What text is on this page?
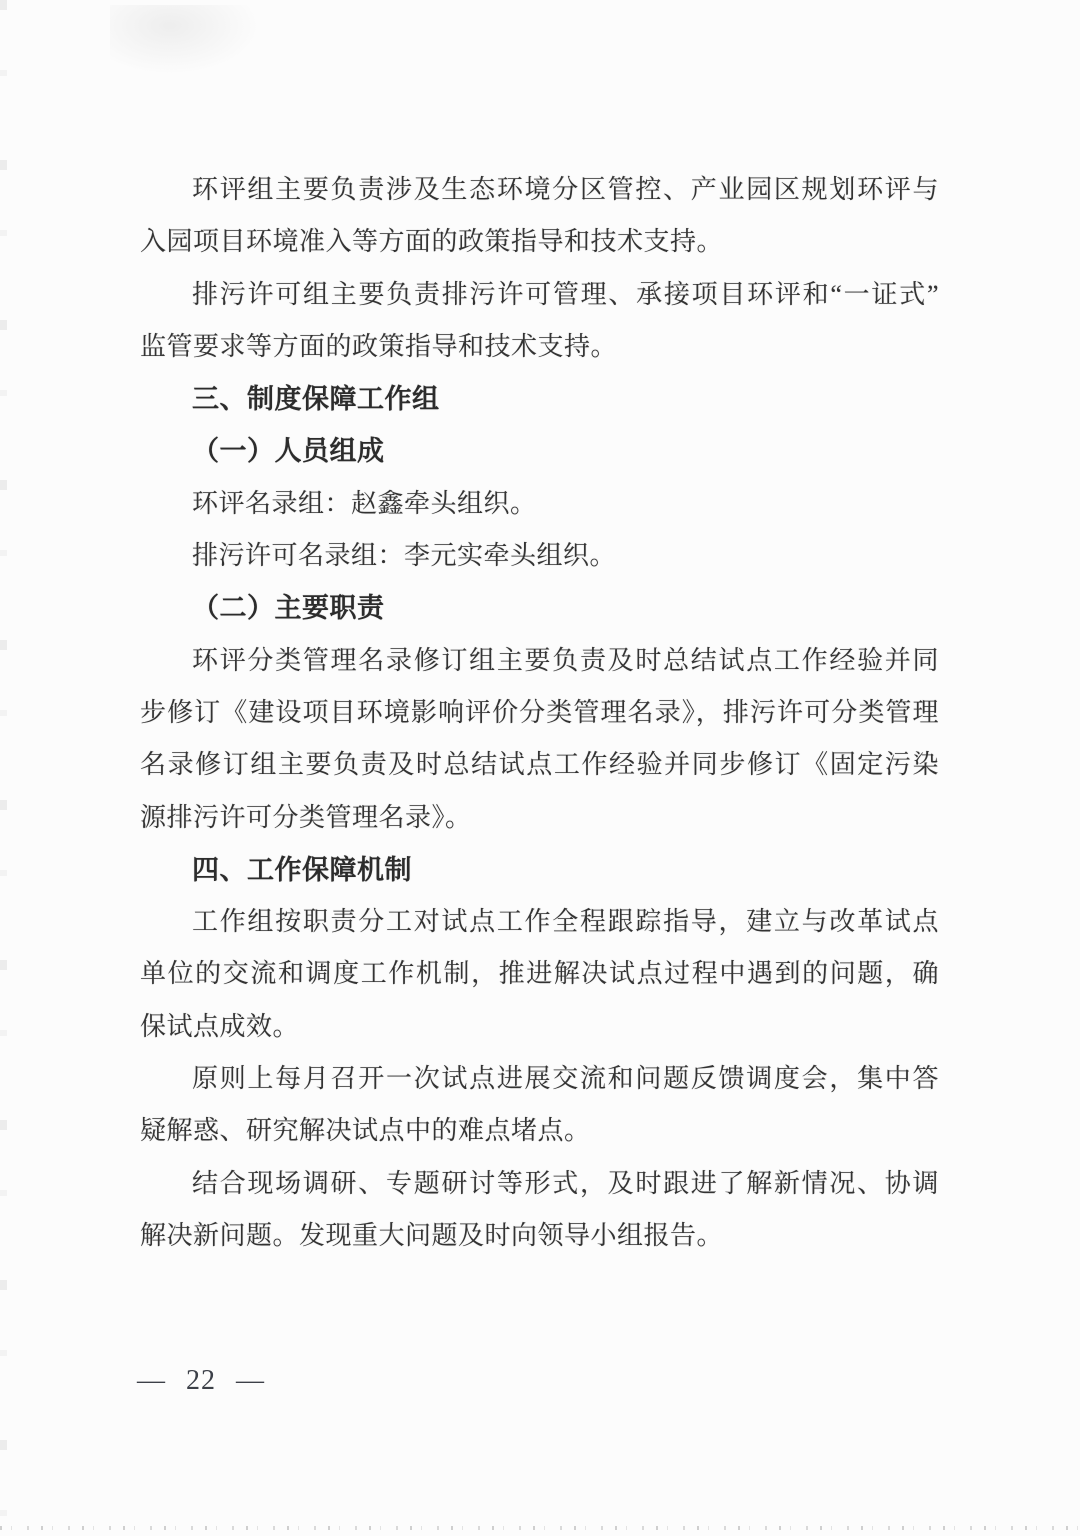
环评组主要负责涉及生态环境分区管控、产业园区规划环评与
入园项目环境准入等方面的政策指导和技术支持。
排污许可组主要负责排污许可管理、承接项目环评和“一证式”
监管要求等方面的政策指导和技术支持。
三、制度保障工作组
（一）人员组成
环评名录组：赵鑫牵头组织。
排污许可名录组：李元实牵头组织。
（二）主要职责
环评分类管理名录修订组主要负责及时总结试点工作经验并同
步修订《建设项目环境影响评价分类管理名录》，排污许可分类管理
名录修订组主要负责及时总结试点工作经验并同步修订《固定污染
源排污许可分类管理名录》。
四、工作保障机制
工作组按职责分工对试点工作全程跟踪指导，建立与改革试点
单位的交流和调度工作机制，推进解决试点过程中遇到的问题，确
保试点成效。
原则上每月召开一次试点进展交流和问题反馈调度会，集中答
疑解惑、研究解决试点中的难点堵点。
结合现场调研、专题研讨等形式，及时跟进了解新情况、协调
解决新问题。发现重大问题及时向领导小组报告。
— 22 —
